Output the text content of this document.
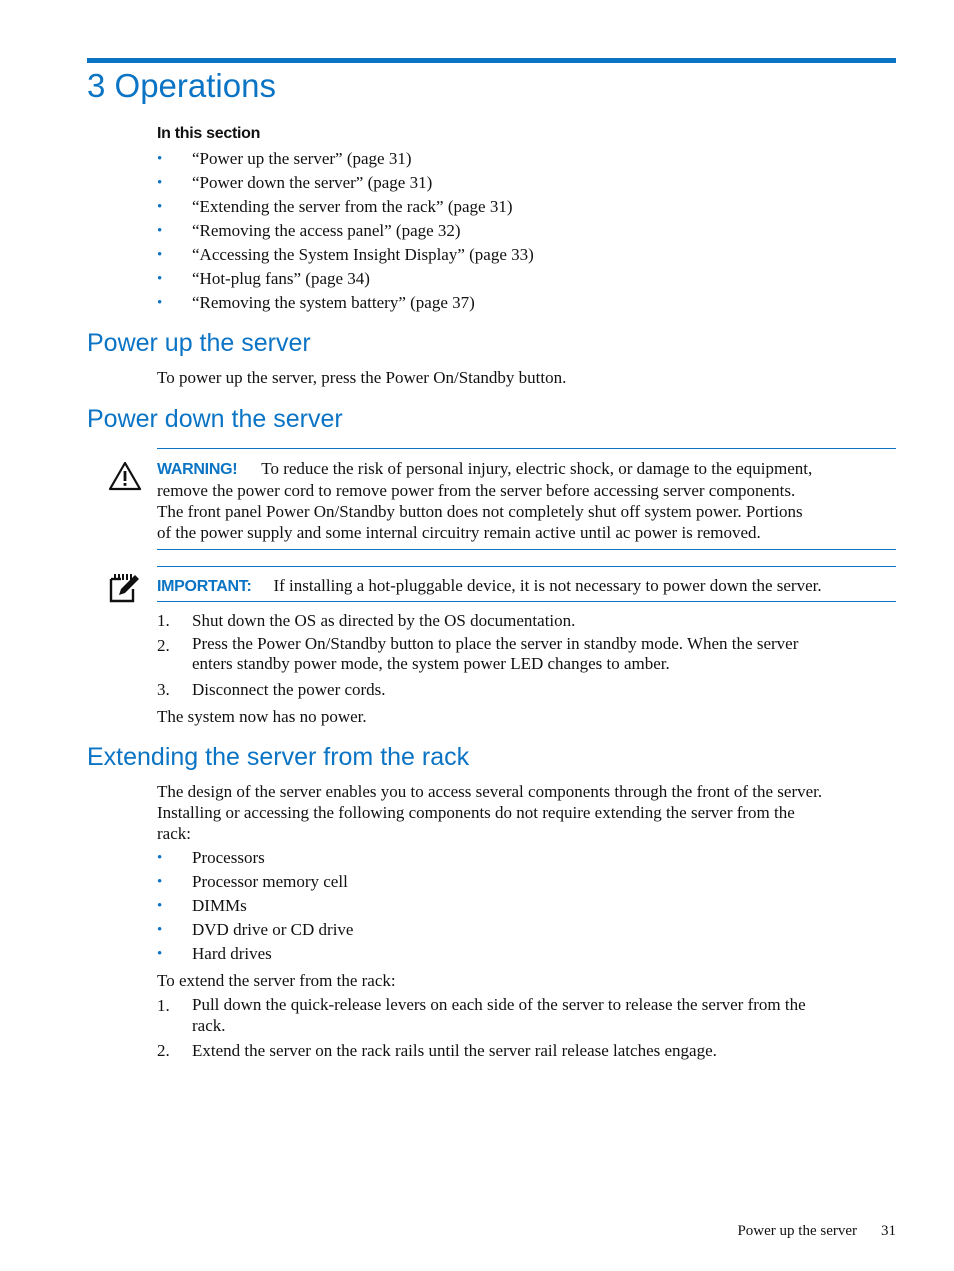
3 Operations
In this section
• “Power up the server” (page 31)
• “Power down the server” (page 31)
• “Extending the server from the rack” (page 31)
• “Removing the access panel” (page 32)
• “Accessing the System Insight Display” (page 33)
• “Hot-plug fans” (page 34)
• “Removing the system battery” (page 37)
Power up the server
To power up the server, press the Power On/Standby button.
Power down the server
WARNING! To reduce the risk of personal injury, electric shock, or damage to the equipment,
remove the power cord to remove power from the server before accessing server components.
The front panel Power On/Standby button does not completely shut off system power. Portions
of the power supply and some internal circuitry remain active until ac power is removed.
IMPORTANT: If installing a hot-pluggable device, it is not necessary to power down the server.
1. Shut down the OS as directed by the OS documentation.
2. Press the Power On/Standby button to place the server in standby mode. When the server
enters standby power mode, the system power LED changes to amber.
3. Disconnect the power cords.
The system now has no power.
Extending the server from the rack
The design of the server enables you to access several components through the front of the server.
Installing or accessing the following components do not require extending the server from the
rack:
• Processors
• Processor memory cell
• DIMMs
• DVD drive or CD drive
• Hard drives
To extend the server from the rack:
1. Pull down the quick-release levers on each side of the server to release the server from the
rack.
2. Extend the server on the rack rails until the server rail release latches engage.
Power up the server 31
